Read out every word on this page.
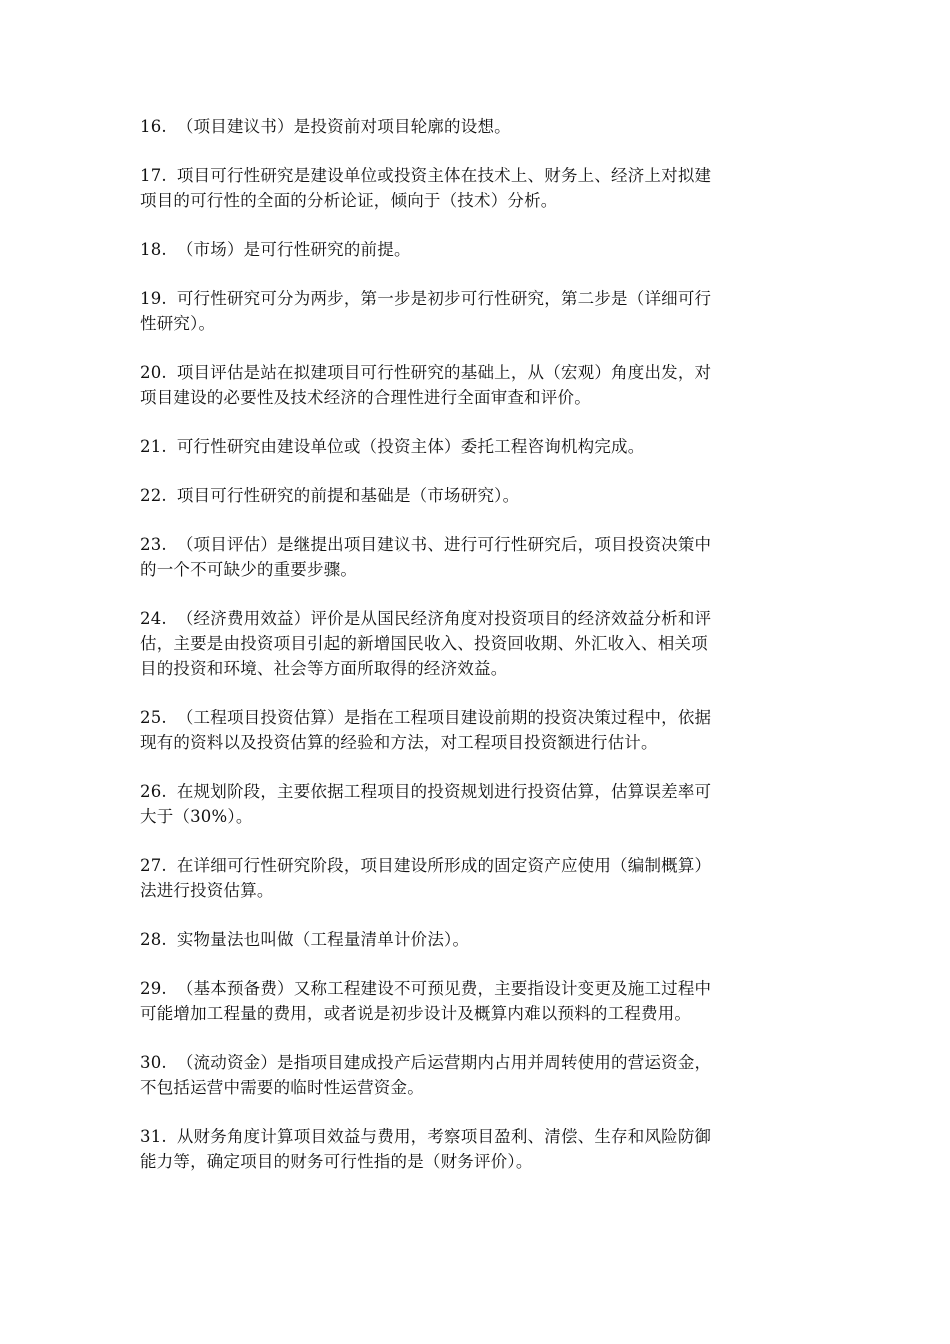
16. （项目建议书）是投资前对项目轮廓的设想。
17. 项目可行性研究是建设单位或投资主体在技术上、财务上、经济上对拟建
项目的可行性的全面的分析论证，倾向于（技术）分析。
18. （市场）是可行性研究的前提。
19. 可行性研究可分为两步，第一步是初步可行性研究，第二步是（详细可行
性研究）。
20. 项目评估是站在拟建项目可行性研究的基础上，从（宏观）角度出发，对
项目建设的必要性及技术经济的合理性进行全面审查和评价。
21. 可行性研究由建设单位或（投资主体）委托工程咨询机构完成。
22. 项目可行性研究的前提和基础是（市场研究）。
23. （项目评估）是继提出项目建议书、进行可行性研究后，项目投资决策中
的一个不可缺少的重要步骤。
24. （经济费用效益）评价是从国民经济角度对投资项目的经济效益分析和评
估，主要是由投资项目引起的新增国民收入、投资回收期、外汇收入、相关项
目的投资和环境、社会等方面所取得的经济效益。
25. （工程项目投资估算）是指在工程项目建设前期的投资决策过程中，依据
现有的资料以及投资估算的经验和方法，对工程项目投资额进行估计。
26. 在规划阶段，主要依据工程项目的投资规划进行投资估算，估算误差率可
大于（30%）。
27. 在详细可行性研究阶段，项目建设所形成的固定资产应使用（编制概算）
法进行投资估算。
28. 实物量法也叫做（工程量清单计价法）。
29. （基本预备费）又称工程建设不可预见费，主要指设计变更及施工过程中
可能增加工程量的费用，或者说是初步设计及概算内难以预料的工程费用。
30. （流动资金）是指项目建成投产后运营期内占用并周转使用的营运资金，
不包括运营中需要的临时性运营资金。
31. 从财务角度计算项目效益与费用，考察项目盈利、清偿、生存和风险防御
能力等，确定项目的财务可行性指的是（财务评价）。
